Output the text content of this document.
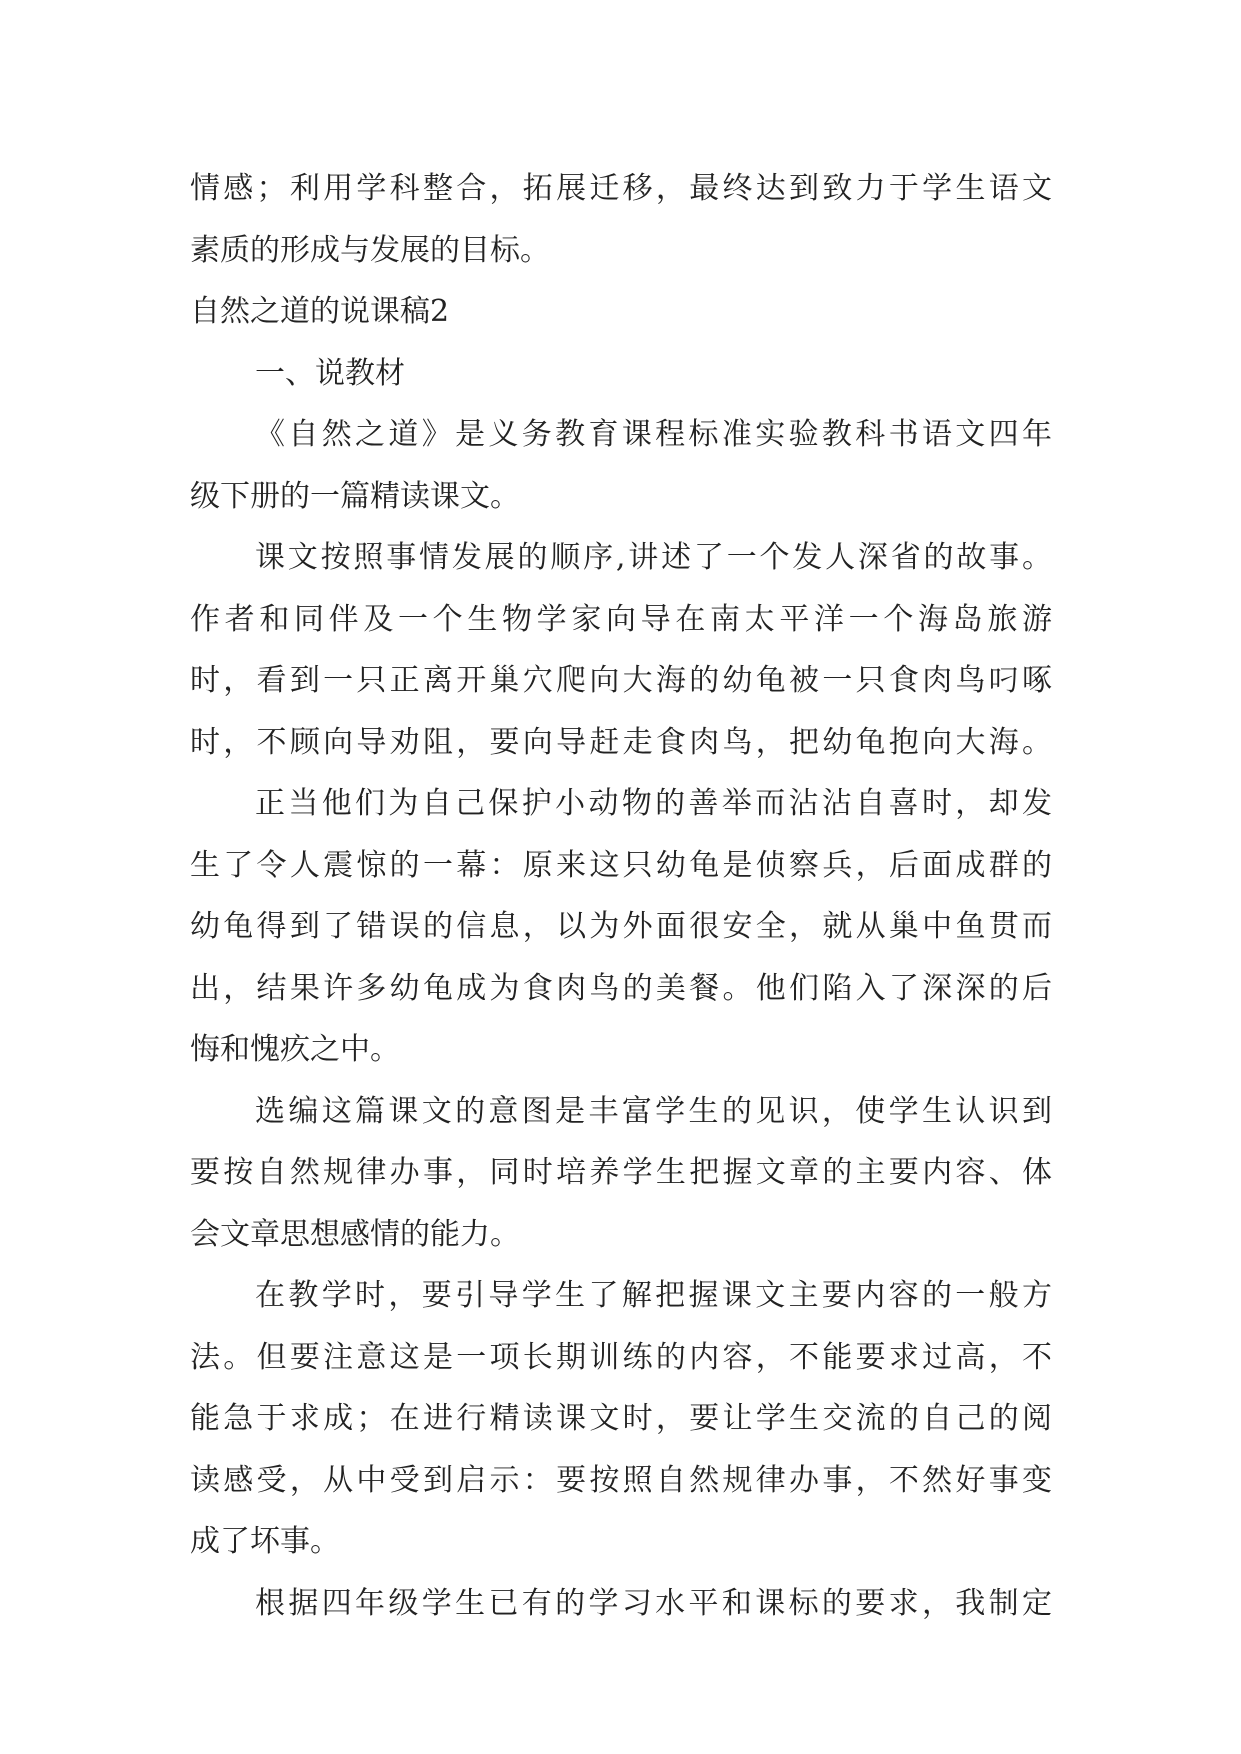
情感；利用学科整合，拓展迁移，最终达到致力于学生语文
素质的形成与发展的目标。
自然之道的说课稿2
一、说教材
《自然之道》是义务教育课程标准实验教科书语文四年
级下册的一篇精读课文。
课文按照事情发展的顺序,讲述了一个发人深省的故事。
作者和同伴及一个生物学家向导在南太平洋一个海岛旅游
时，看到一只正离开巢穴爬向大海的幼龟被一只食肉鸟叼啄
时，不顾向导劝阻，要向导赶走食肉鸟，把幼龟抱向大海。
正当他们为自己保护小动物的善举而沾沾自喜时，却发
生了令人震惊的一幕：原来这只幼龟是侦察兵，后面成群的
幼龟得到了错误的信息，以为外面很安全，就从巢中鱼贯而
出，结果许多幼龟成为食肉鸟的美餐。他们陷入了深深的后
悔和愧疚之中。
选编这篇课文的意图是丰富学生的见识，使学生认识到
要按自然规律办事，同时培养学生把握文章的主要内容、体
会文章思想感情的能力。
在教学时，要引导学生了解把握课文主要内容的一般方
法。但要注意这是一项长期训练的内容，不能要求过高，不
能急于求成；在进行精读课文时，要让学生交流的自己的阅
读感受，从中受到启示：要按照自然规律办事，不然好事变
成了坏事。
根据四年级学生已有的学习水平和课标的要求，我制定
